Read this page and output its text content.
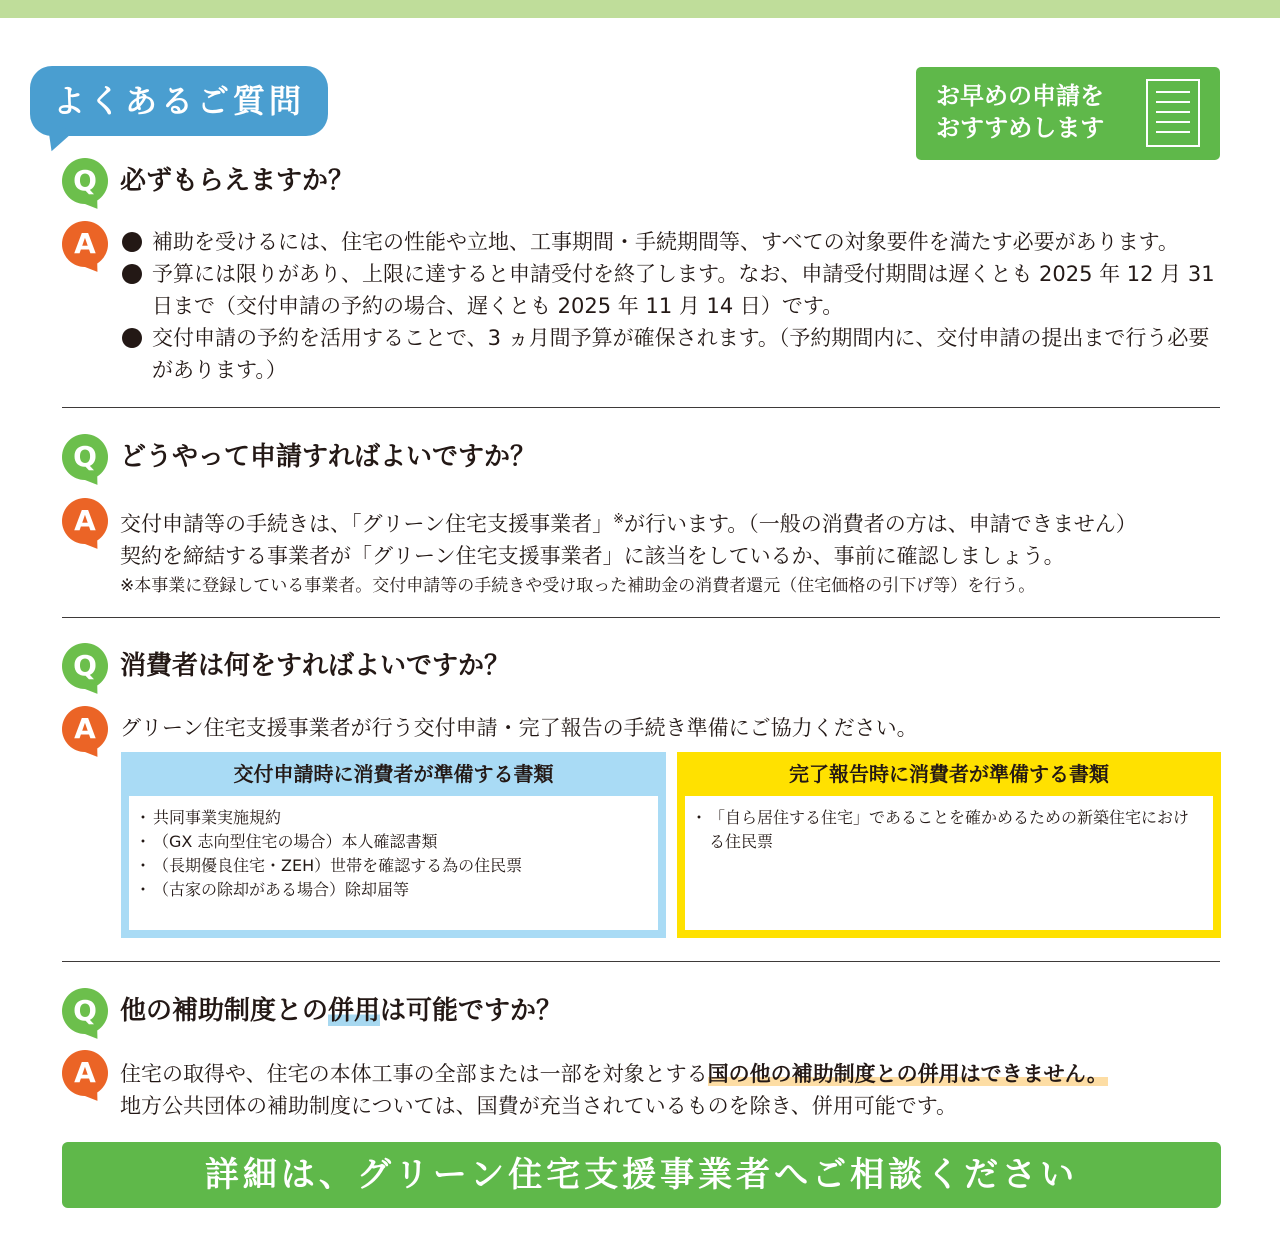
よくあるご質問	お早めの申請を
おすすめします
Q 必ずもらえますか？
A	補助を受けるには、住宅の性能や立地、工事期間・手続期間等、すべての対象要件を満たす必要があります。
予算には限りがあり、上限に達すると申請受付を終了します。なお、申請受付期間は遅くとも 2025 年 12 月 31 日まで（交付申請の予約の場合、遅くとも 2025 年 11 月 14 日）です。
交付申請の予約を活用することで、3 ヵ月間予算が確保されます。（予約期間内に、交付申請の提出まで行う必要があります。）
Q どうやって申請すればよいですか？
A	交付申請等の手続きは、「グリーン住宅支援事業者」※が行います。（一般の消費者の方は、申請できません）
契約を締結する事業者が「グリーン住宅支援事業者」に該当をしているか、事前に確認しましょう。
※本事業に登録している事業者。交付申請等の手続きや受け取った補助金の消費者還元（住宅価格の引下げ等）を行う。
Q 消費者は何をすればよいですか？
A	グリーン住宅支援事業者が行う交付申請・完了報告の手続き準備にご協力ください。
交付申請時に消費者が準備する書類
・ 共同事業実施規約
・ （GX 志向型住宅の場合）本人確認書類
・ （長期優良住宅・ZEH）世帯を確認する為の住民票
・ （古家の除却がある場合）除却届等
完了報告時に消費者が準備する書類
・ 「自ら居住する住宅」であることを確かめるための新築住宅における住民票
Q 他の補助制度との併用は可能ですか？
A	住宅の取得や、住宅の本体工事の全部または一部を対象とする国の他の補助制度との併用はできません。
地方公共団体の補助制度については、国費が充当されているものを除き、併用可能です。
詳細は、グリーン住宅支援事業者へご相談ください
